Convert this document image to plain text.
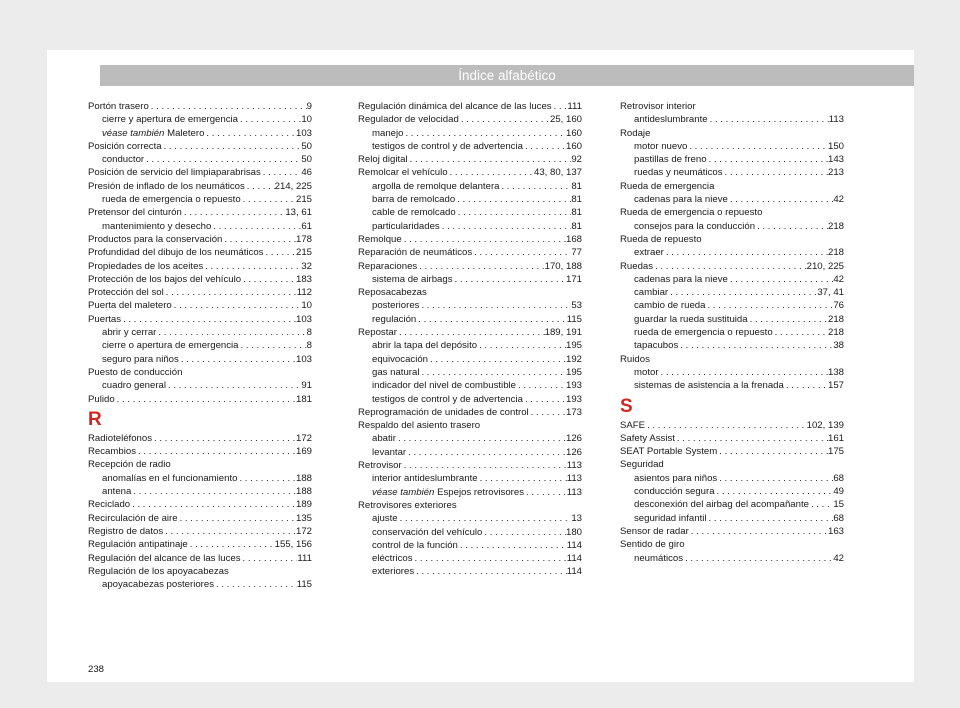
Índice alfabético
Portón trasero . . .	9
cierre y apertura de emergencia . . .	10
véase también Maletero . . .	103
Posición correcta . . .	50
conductor . . .	50
Posición de servicio del limpiaparabrisas . . .	46
Presión de inflado de los neumáticos . . .	214, 225
rueda de emergencia o repuesto . . .	215
Pretensor del cinturón . . .	13, 61
mantenimiento y desecho . . .	61
Productos para la conservación . . .	178
Profundidad del dibujo de los neumáticos . . .	215
Propiedades de los aceites . . .	32
Protección de los bajos del vehículo . . .	183
Protección del sol . . .	112
Puerta del maletero . . .	10
Puertas . . .	103
abrir y cerrar . . .	8
cierre o apertura de emergencia . . .	8
seguro para niños . . .	103
Puesto de conducción
cuadro general . . .	91
Pulido . . .	181
R
Radioteléfonos . . .	172
Recambios . . .	169
Recepción de radio
anomalías en el funcionamiento . . .	188
antena . . .	188
Reciclado . . .	189
Recirculación de aire . . .	135
Registro de datos . . .	172
Regulación antipatinaje . . .	155, 156
Regulación del alcance de las luces . . .	111
Regulación de los apoyacabezas
apoyacabezas posteriores . . .	115
Regulación dinámica del alcance de las luces . . . 111
Regulador de velocidad . . .	25, 160
manejo . . .	160
testigos de control y de advertencia . . .	160
Reloj digital . . .	92
Remolcar el vehículo . . .	43, 80, 137
argolla de remolque delantera . . .	81
barra de remolcado . . .	81
cable de remolcado . . .	81
particularidades . . .	81
Remolque . . .	168
Reparación de neumáticos . . .	77
Reparaciones . . .	170, 188
sistema de airbags . . .	171
Reposacabezas
posteriores . . .	53
regulación . . .	115
Repostar . . .	189, 191
abrir la tapa del depósito . . .	195
equivocación . . .	192
gas natural . . .	195
indicador del nivel de combustible . . .	193
testigos de control y de advertencia . . .	193
Reprogramación de unidades de control . . .	173
Respaldo del asiento trasero
abatir . . .	126
levantar . . .	126
Retrovisor . . .	113
interior antideslumbrante . . .	113
véase también Espejos retrovisores . . .	113
Retrovisores exteriores
ajuste . . .	13
conservación del vehículo . . .	180
control de la función . . .	114
eléctricos . . .	114
exteriores . . .	114
Retrovisor interior
antideslumbrante . . .	113
Rodaje
motor nuevo . . .	150
pastillas de freno . . .	143
ruedas y neumáticos . . .	213
Rueda de emergencia
cadenas para la nieve . . .	42
Rueda de emergencia o repuesto
consejos para la conducción . . .	218
Rueda de repuesto
extraer . . .	218
Ruedas . . .	210, 225
cadenas para la nieve . . .	42
cambiar . . .	37, 41
cambio de rueda . . .	76
guardar la rueda sustituida . . .	218
rueda de emergencia o repuesto . . .	218
tapacubos . . .	38
Ruidos
motor . . .	138
sistemas de asistencia a la frenada . . .	157
S
SAFE . . .	102, 139
Safety Assist . . .	161
SEAT Portable System . . .	175
Seguridad
asientos para niños . . .	68
conducción segura . . .	49
desconexión del airbag del acompañante . . .	15
seguridad infantil . . .	68
Sensor de radar . . .	163
Sentido de giro
neumáticos . . .	42
238
